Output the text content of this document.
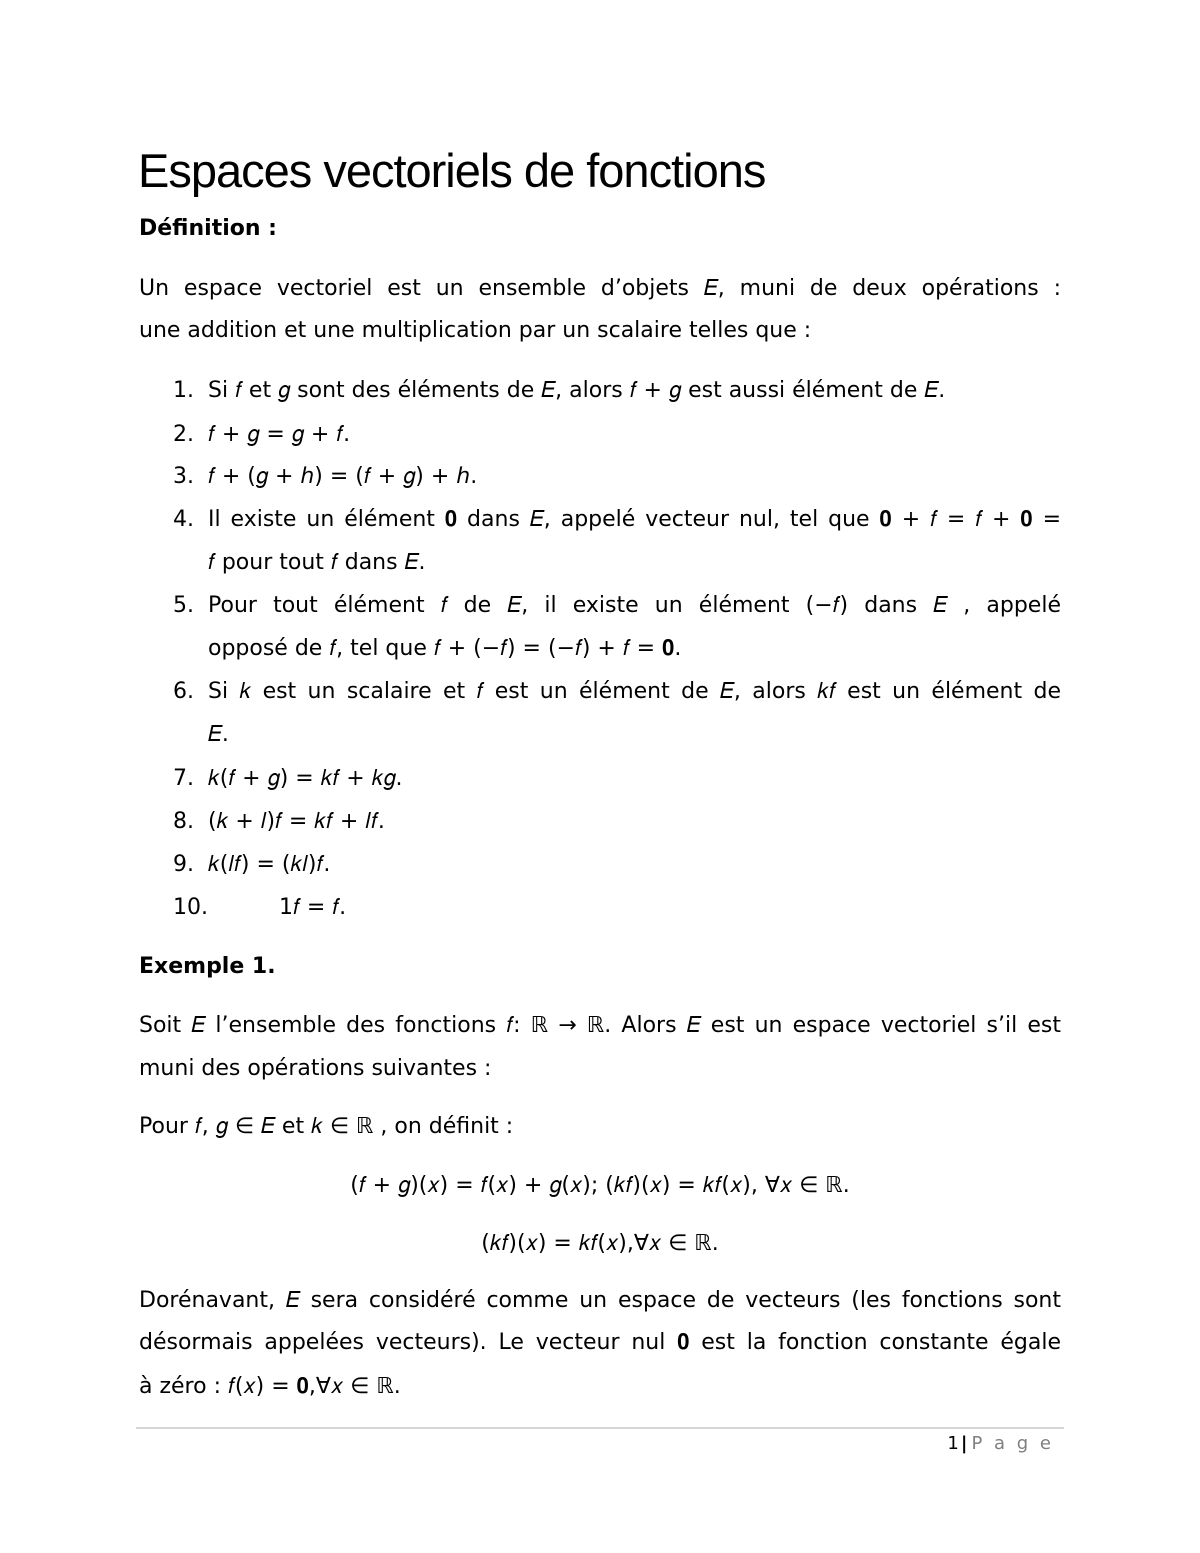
Espaces vectoriels de fonctions
Définition :
Un espace vectoriel est un ensemble d’objets 𝐸, muni de deux opérations :
une addition et une multiplication par un scalaire telles que :
1. Si 𝑓 et 𝑔 sont des éléments de 𝐸, alors 𝑓 + 𝑔 est aussi élément de 𝐸.
2. 𝑓 + 𝑔 = 𝑔 + 𝑓.
3. 𝑓 + (𝑔 + ℎ) = (𝑓 + 𝑔) + ℎ.
4. Il existe un élément 𝟎 dans 𝐸, appelé vecteur nul, tel que 𝟎 + 𝑓 = 𝑓 + 𝟎 =
𝑓 pour tout 𝑓 dans 𝐸.
5. Pour tout élément 𝑓 de 𝐸, il existe un élément (−𝑓) dans 𝐸 , appelé
opposé de 𝑓, tel que 𝑓 + (−𝑓) = (−𝑓) + 𝑓 = 𝟎.
6. Si 𝑘 est un scalaire et 𝑓 est un élément de 𝐸, alors 𝑘𝑓 est un élément de
𝐸.
7. 𝑘(𝑓 + 𝑔) = 𝑘𝑓 + 𝑘𝑔.
8. (𝑘 + 𝑙)𝑓 = 𝑘𝑓 + 𝑙𝑓.
9. 𝑘(𝑙𝑓) = (𝑘𝑙)𝑓.
10.	1𝑓 = 𝑓.
Exemple 1.
Soit 𝐸 l’ensemble des fonctions 𝑓: ℝ → ℝ. Alors 𝐸 est un espace vectoriel s’il est
muni des opérations suivantes :
Pour 𝑓, 𝑔 ∈ 𝐸 et 𝑘 ∈ ℝ , on définit :
(𝑓 + 𝑔)(𝑥) = 𝑓(𝑥) + 𝑔(𝑥); (𝑘𝑓)(𝑥) = 𝑘𝑓(𝑥), ∀𝑥 ∈ ℝ.
(𝑘𝑓)(𝑥) = 𝑘𝑓(𝑥),∀𝑥 ∈ ℝ.
Dorénavant, 𝐸 sera considéré comme un espace de vecteurs (les fonctions sont
désormais appelées vecteurs). Le vecteur nul 𝟎 est la fonction constante égale
à zéro : 𝑓(𝑥) = 𝟎,∀𝑥 ∈ ℝ.
1 | P a g e
